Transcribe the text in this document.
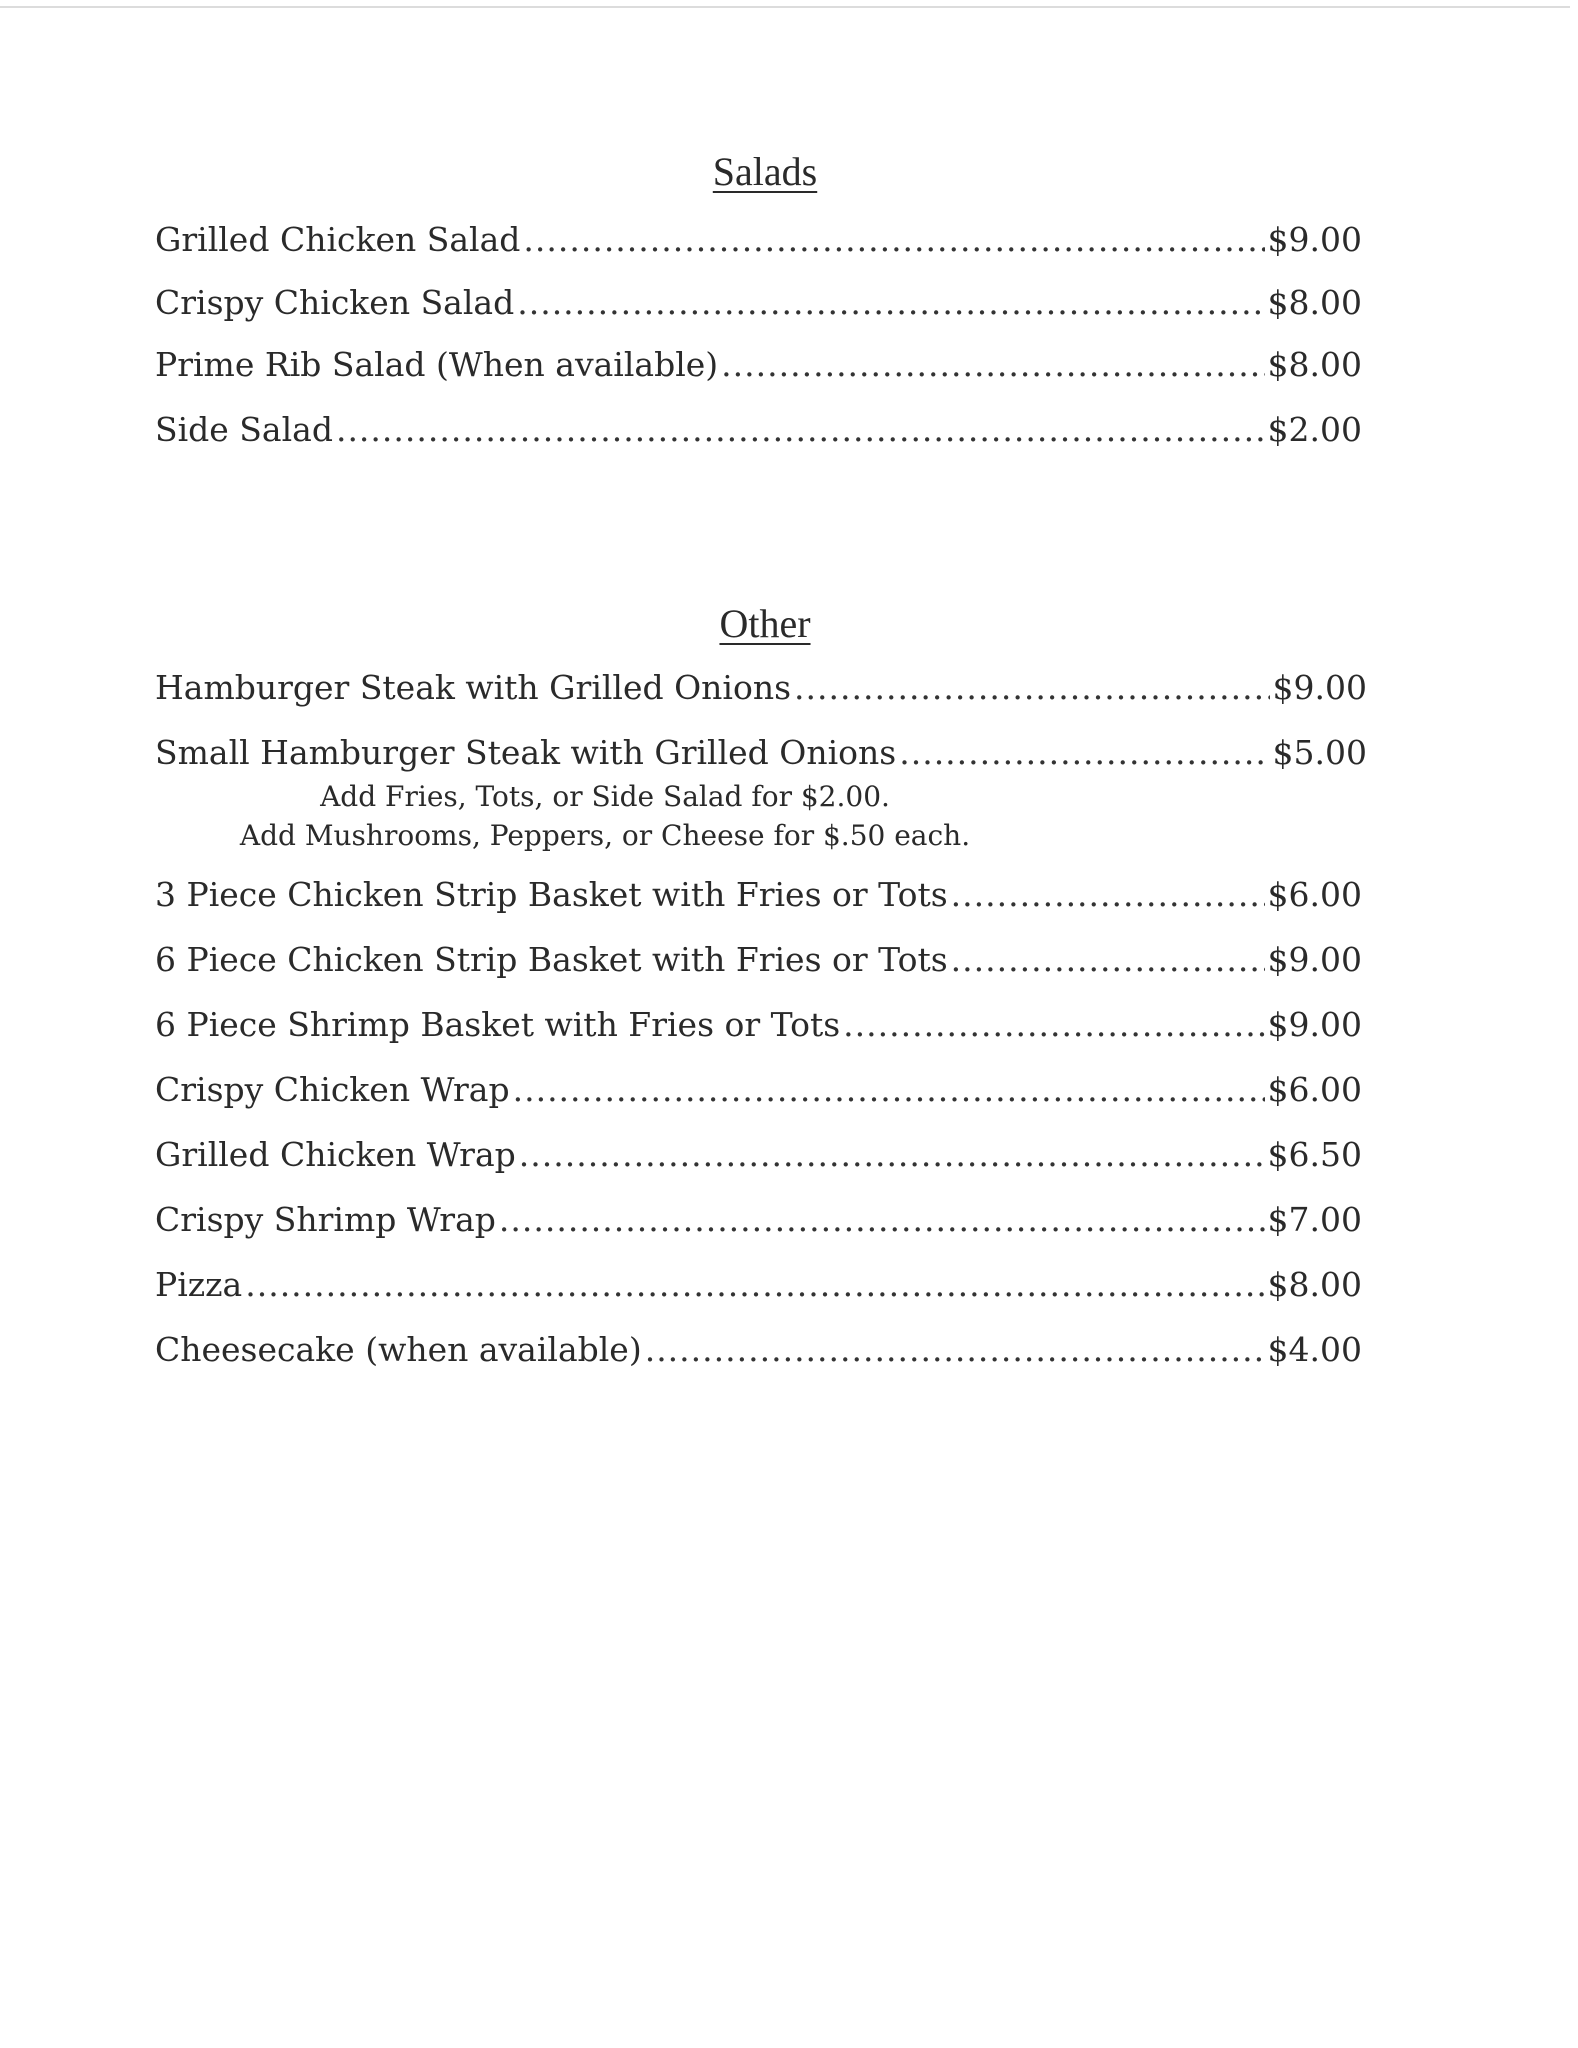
Salads
Grilled Chicken Salad .....	$9.00
Crispy Chicken Salad .....	$8.00
Prime Rib Salad (When available) .....	$8.00
Side Salad .....	$2.00
Other
Hamburger Steak with Grilled Onions .....	$9.00
Small Hamburger Steak with Grilled Onions .....	$5.00
Add Fries, Tots, or Side Salad for $2.00.
Add Mushrooms, Peppers, or Cheese for $.50 each.
3 Piece Chicken Strip Basket with Fries or Tots .....	$6.00
6 Piece Chicken Strip Basket with Fries or Tots .....	$9.00
6 Piece Shrimp Basket with Fries or Tots .....	$9.00
Crispy Chicken Wrap .....	$6.00
Grilled Chicken Wrap .....	$6.50
Crispy Shrimp Wrap .....	$7.00
Pizza .....	$8.00
Cheesecake (when available) .....	$4.00
